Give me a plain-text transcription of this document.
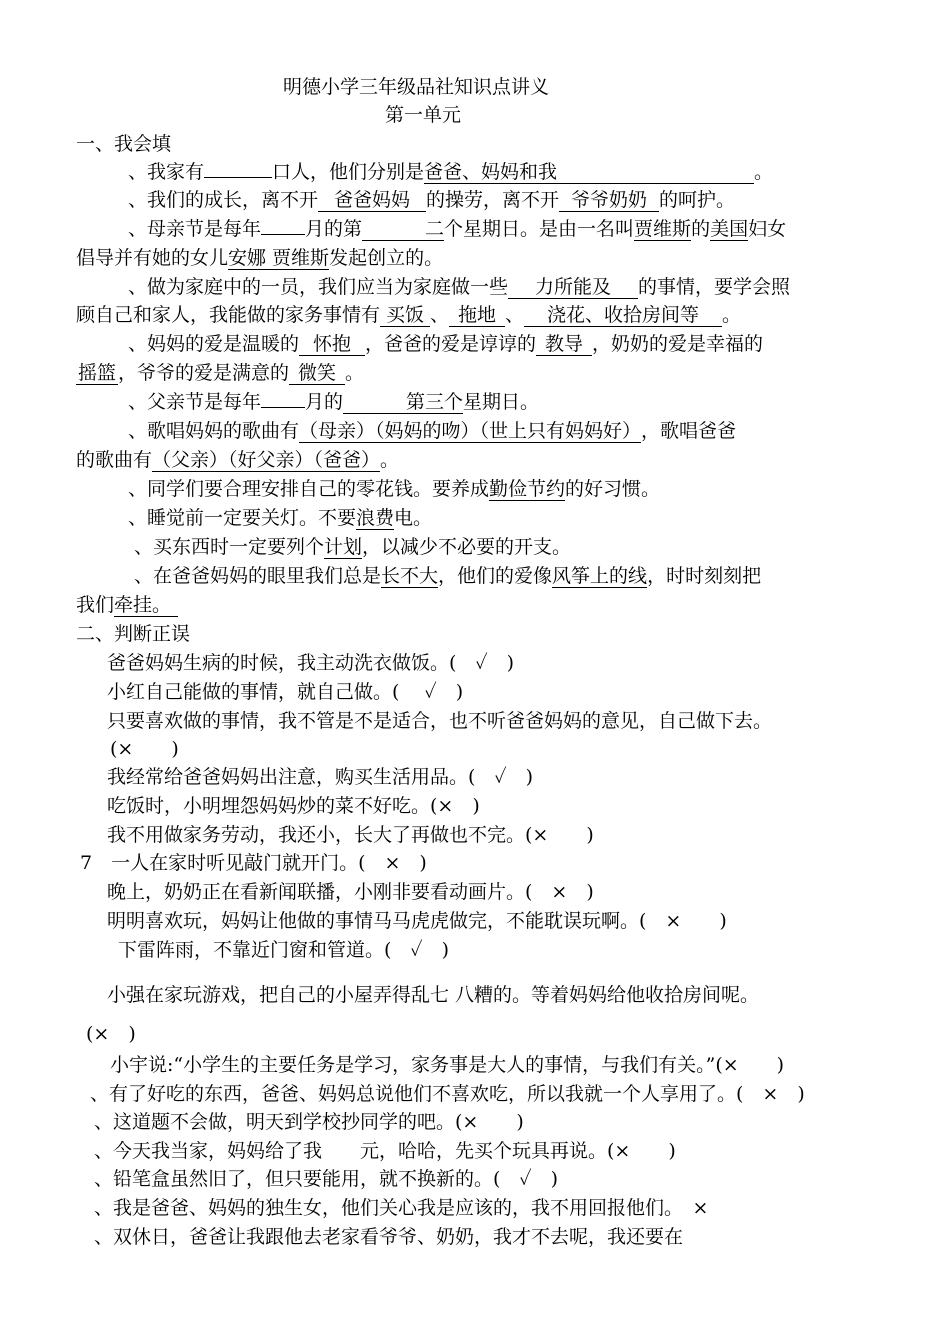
明德小学三年级品社知识点讲义
第一单元
一、我会填
、我家有	口人，他们分别是爸爸、妈妈和我	。
、我们的成长，离不开 爸爸妈妈 的操劳，离不开 爷爷奶奶 的呵护。
、母亲节是每年 月的第	二个星期日。是由一名叫贾维斯的美国妇女
倡导并有她的女儿安娜 贾维斯发起创立的。
、做为家庭中的一员，我们应当为家庭做一些 力所能及 的事情，要学会照
顾自己和家人，我能做的家务事情有 买饭 、 拖地 、 浇花、收拾房间等 。
、妈妈的爱是温暖的 怀抱 ，爸爸的爱是谆谆的 教导 ，奶奶的爱是幸福的
摇篮 ，爷爷的爱是满意的 微笑 。
、父亲节是每年 月的	第三个星期日。
、歌唱妈妈的歌曲有（母亲）（妈妈的吻）（世上只有妈妈好），歌唱爸爸
的歌曲有（父亲）（好父亲）（爸爸）。
、同学们要合理安排自己的零花钱。要养成勤俭节约的好习惯。
、睡觉前一定要关灯。不要浪费电。
、买东西时一定要列个计划，以减少不必要的开支。
、在爸爸妈妈的眼里我们总是长不大，他们的爱像风筝上的线，时时刻刻把
我们牵挂。
二、判断正误
爸爸妈妈生病的时候，我主动洗衣做饭。(　✓　)
小红自己能做的事情，就自己做。(　 ✓　)
只要喜欢做的事情，我不管是不是适合，也不听爸爸妈妈的意见，自己做下去。
(×　　)
我经常给爸爸妈妈出注意，购买生活用品。(　✓　)
吃饭时，小明埋怨妈妈炒的菜不好吃。(×　)
我不用做家务劳动，我还小，长大了再做也不完。(×　　)
7　一人在家时听见敲门就开门。(　×　)
晚上，奶奶正在看新闻联播，小刚非要看动画片。(　×　)
明明喜欢玩，妈妈让他做的事情马马虎虎做完，不能耽误玩啊。(　×　　)
下雷阵雨，不靠近门窗和管道。(　✓　)
小强在家玩游戏，把自己的小屋弄得乱七 八糟的。等着妈妈给他收拾房间呢。
(×　)
小宇说:“小学生的主要任务是学习，家务事是大人的事情，与我们有关。”(×　　)
、有了好吃的东西，爸爸、妈妈总说他们不喜欢吃，所以我就一个人享用了。(　×　)
、这道题不会做，明天到学校抄同学的吧。(×　　)
、今天我当家，妈妈给了我　　元，哈哈，先买个玩具再说。(×　　)
、铅笔盒虽然旧了，但只要能用，就不换新的。(　✓　)
、我是爸爸、妈妈的独生女，他们关心我是应该的，我不用回报他们。　×
、双休日，爸爸让我跟他去老家看爷爷、奶奶，我才不去呢，我还要在
